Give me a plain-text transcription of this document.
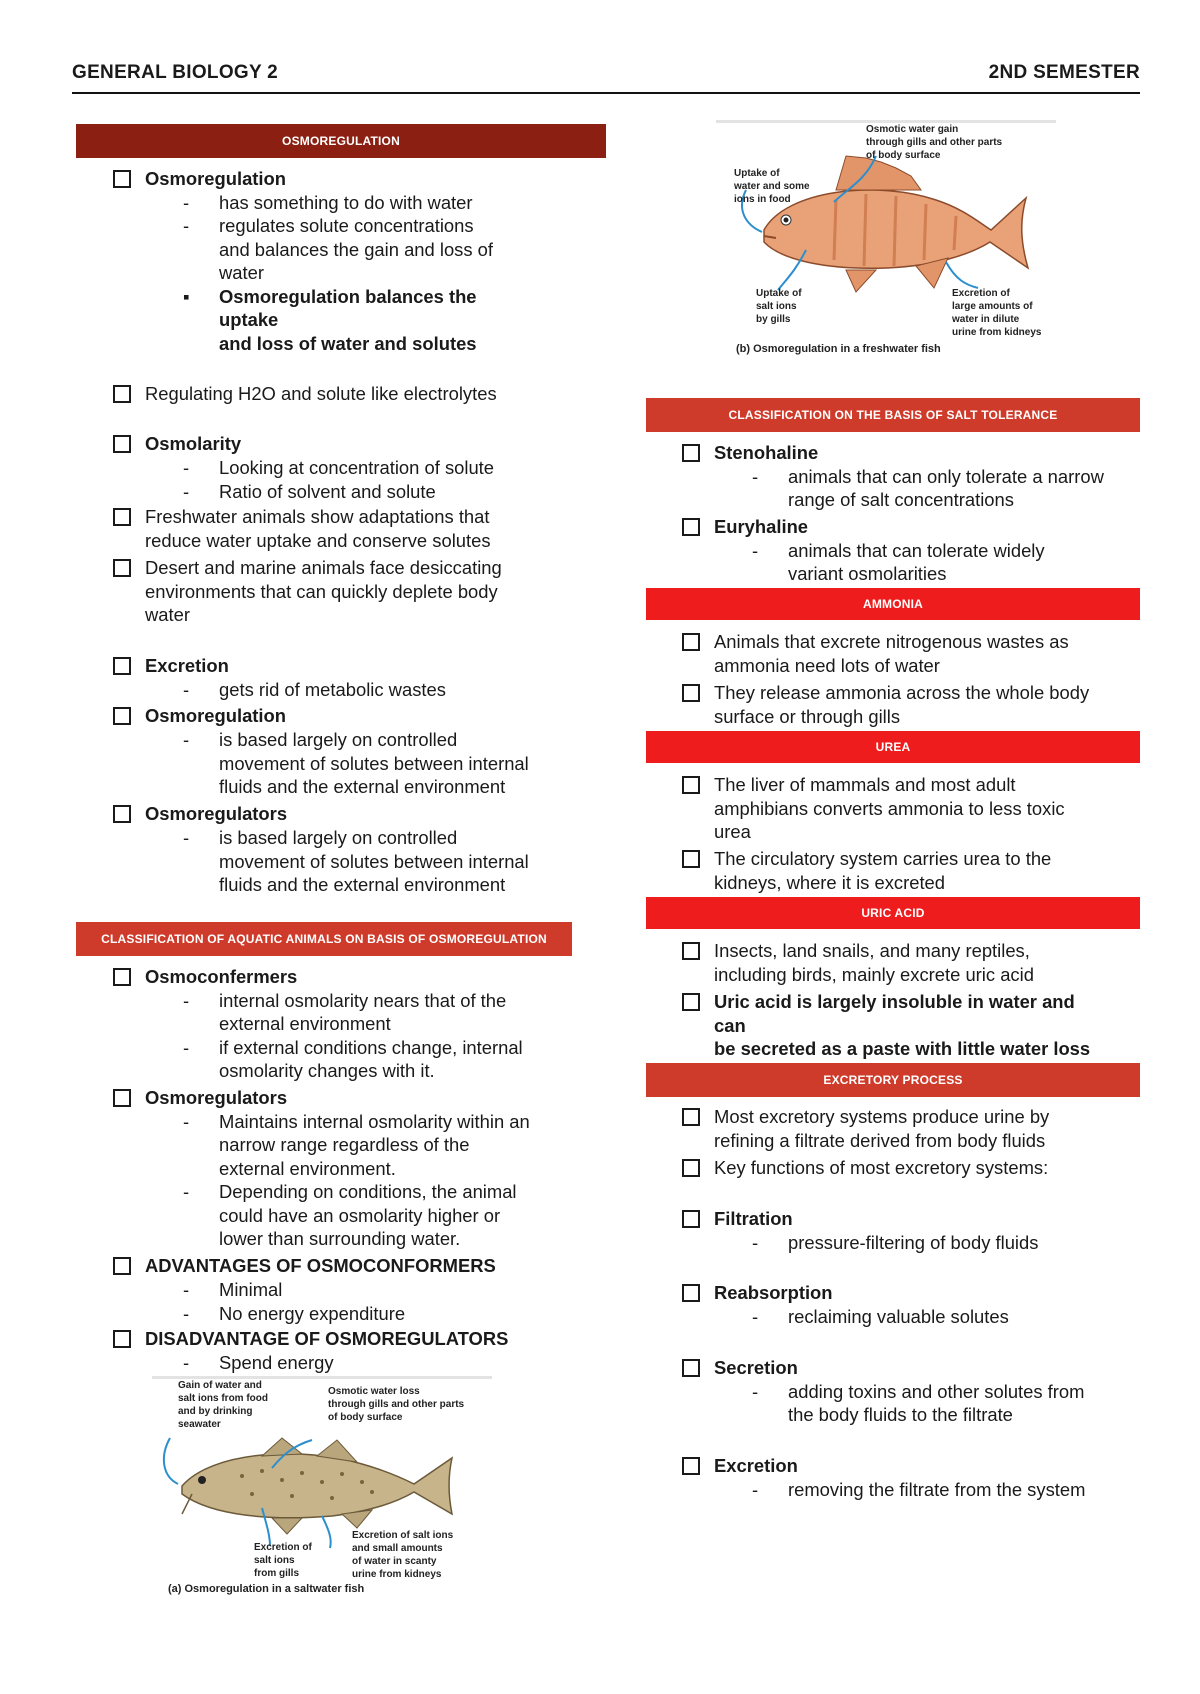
GENERAL BIOLOGY 2	2ND SEMESTER
OSMOREGULATION
Osmoregulation
- has something to do with water
- regulates solute concentrations
and balances the gain and loss of
water
▪ Osmoregulation balances the
uptake
and loss of water and solutes
Regulating H2O and solute like electrolytes
Osmolarity
- Looking at concentration of solute
- Ratio of solvent and solute
Freshwater animals show adaptations that
reduce water uptake and conserve solutes
Desert and marine animals face desiccating
environments that can quickly deplete body
water
Excretion
- gets rid of metabolic wastes
Osmoregulation
- is based largely on controlled
movement of solutes between internal
fluids and the external environment
Osmoregulators
- is based largely on controlled
movement of solutes between internal
fluids and the external environment
CLASSIFICATION OF AQUATIC ANIMALS ON BASIS OF OSMOREGULATION
Osmoconfermers
- internal osmolarity nears that of the
external environment
- if external conditions change, internal
osmolarity changes with it.
Osmoregulators
- Maintains internal osmolarity within an
narrow range regardless of the
external environment.
- Depending on conditions, the animal
could have an osmolarity higher or
lower than surrounding water.
ADVANTAGES OF OSMOCONFORMERS
- Minimal
- No energy expenditure
DISADVANTAGE OF OSMOREGULATORS
- Spend energy
Gain of water and
salt ions from food
and by drinking
seawater
Osmotic water loss
through gills and other parts
of body surface
Excretion of
salt ions
from gills
Excretion of salt ions
and small amounts
of water in scanty
urine from kidneys
(a) Osmoregulation in a saltwater fish
Osmotic water gain
through gills and other parts
of body surface
Uptake of
water and some
ions in food
Uptake of
salt ions
by gills
Excretion of
large amounts of
water in dilute
urine from kidneys
(b) Osmoregulation in a freshwater fish
CLASSIFICATION ON THE BASIS OF SALT TOLERANCE
Stenohaline
- animals that can only tolerate a narrow
range of salt concentrations
Euryhaline
- animals that can tolerate widely
variant osmolarities
AMMONIA
Animals that excrete nitrogenous wastes as
ammonia need lots of water
They release ammonia across the whole body
surface or through gills
UREA
The liver of mammals and most adult
amphibians converts ammonia to less toxic
urea
The circulatory system carries urea to the
kidneys, where it is excreted
URIC ACID
Insects, land snails, and many reptiles,
including birds, mainly excrete uric acid
Uric acid is largely insoluble in water and
can
be secreted as a paste with little water loss
EXCRETORY PROCESS
Most excretory systems produce urine by
refining a filtrate derived from body fluids
Key functions of most excretory systems:
Filtration
- pressure-filtering of body fluids
Reabsorption
- reclaiming valuable solutes
Secretion
- adding toxins and other solutes from
the body fluids to the filtrate
Excretion
- removing the filtrate from the system
